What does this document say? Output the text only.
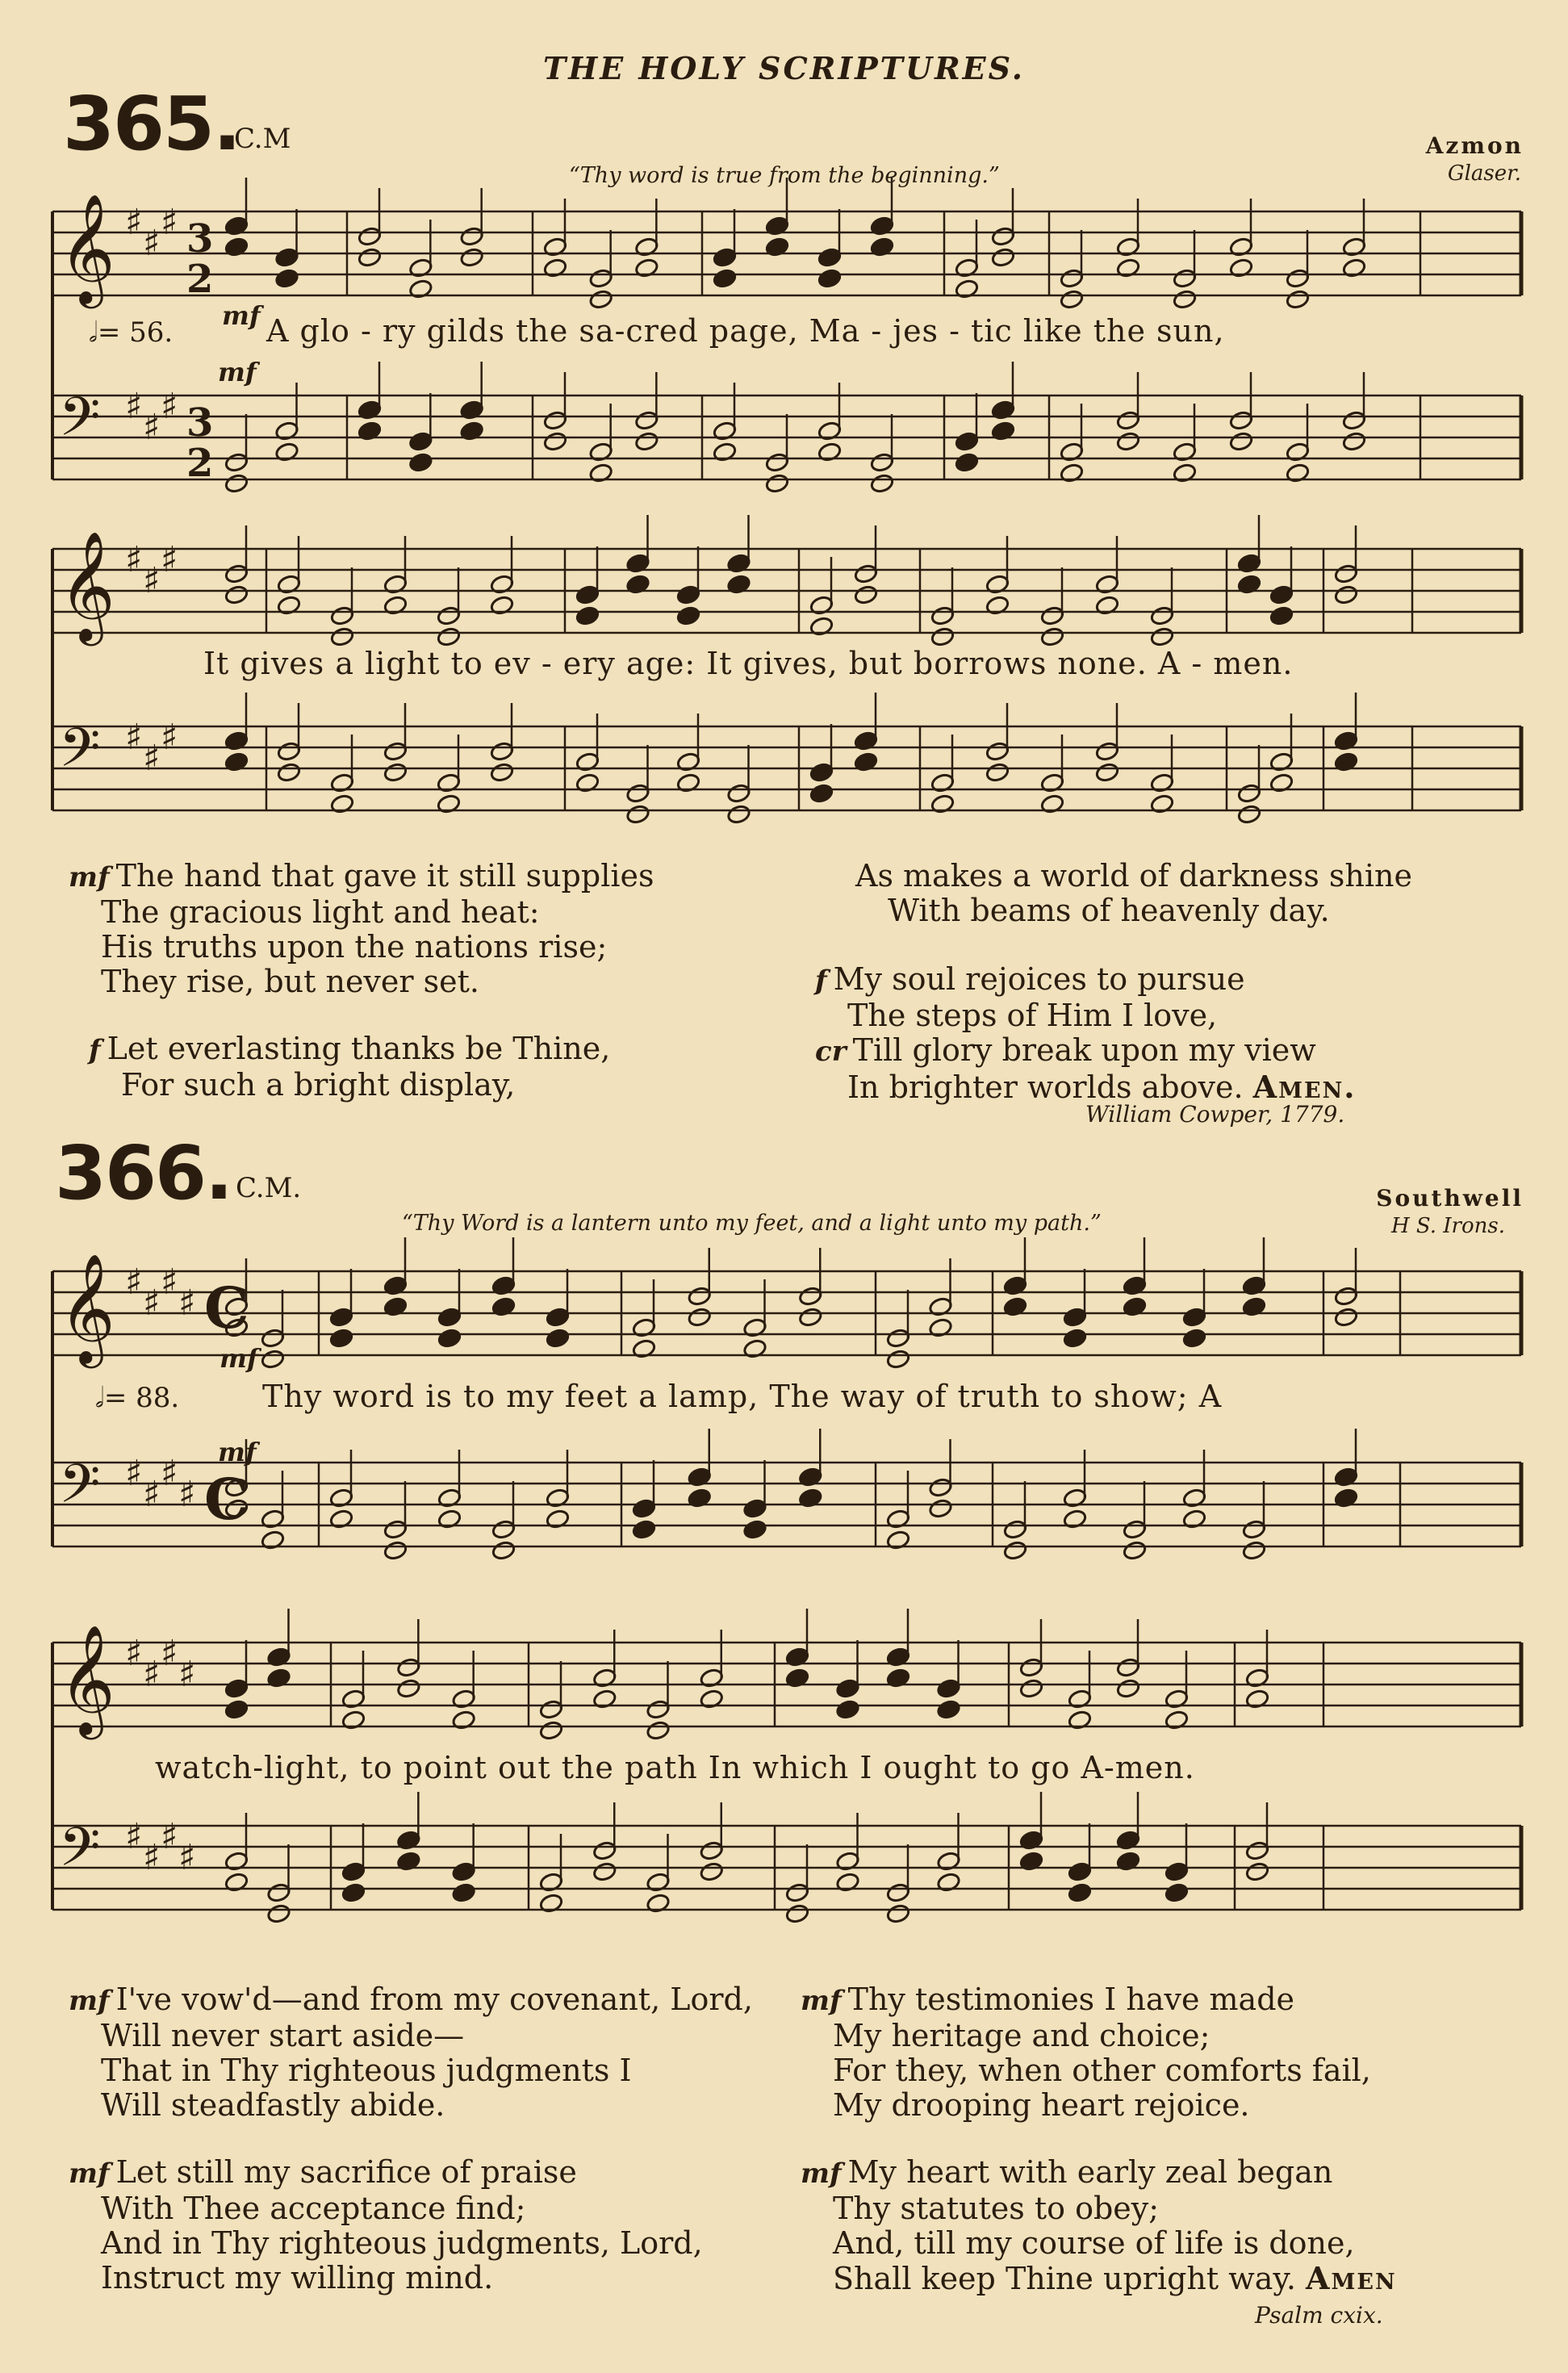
THE HOLY SCRIPTURES.
365.
C.M	Azmon
Glaser.
“Thy word is true from the beginning.”
366. C.M.	Southwell
H S. Irons.
“Thy Word is a lantern unto my feet, and a light unto my path.”
𝄞 ♯
♯
♯ 3
2
𝄢 ♯
♯
♯ 3
2
𝄞 ♯
♯
♯
𝄢 ♯
♯
♯
𝄞 ♯
♯
♯
♯ C
𝄢 ♯
♯
♯
♯ C
𝄞 ♯
♯
♯
♯
𝄢 ♯
♯
♯
♯
mf
𝅗𝅥= 56.
mf
A glo - ry gilds the sa-cred page, Ma - jes - tic like the sun,
It gives a light to ev - ery age: It gives, but borrows none. A - men.
mf
𝅗𝅥= 88.
mf
Thy word is to my feet a lamp, The way of truth to show; A
watch-light, to point out the path In which I ought to go A-men.
mf The hand that gave it still supplies
The gracious light and heat:
His truths upon the nations rise;
They rise, but never set.
f Let everlasting thanks be Thine,
For such a bright display,
As makes a world of darkness shine
With beams of heavenly day.
f My soul rejoices to pursue
The steps of Him I love,
cr Till glory break upon my view
In brighter worlds above. Amen.
William Cowper, 1779.
mf I've vow'd—and from my covenant, Lord,
Will never start aside—
That in Thy righteous judgments I
Will steadfastly abide.
mf Let still my sacrifice of praise
With Thee acceptance find;
And in Thy righteous judgments, Lord,
Instruct my willing mind.
mf Thy testimonies I have made
My heritage and choice;
For they, when other comforts fail,
My drooping heart rejoice.
mf My heart with early zeal began
Thy statutes to obey;
And, till my course of life is done,
Shall keep Thine upright way. Amen
Psalm cxix.
